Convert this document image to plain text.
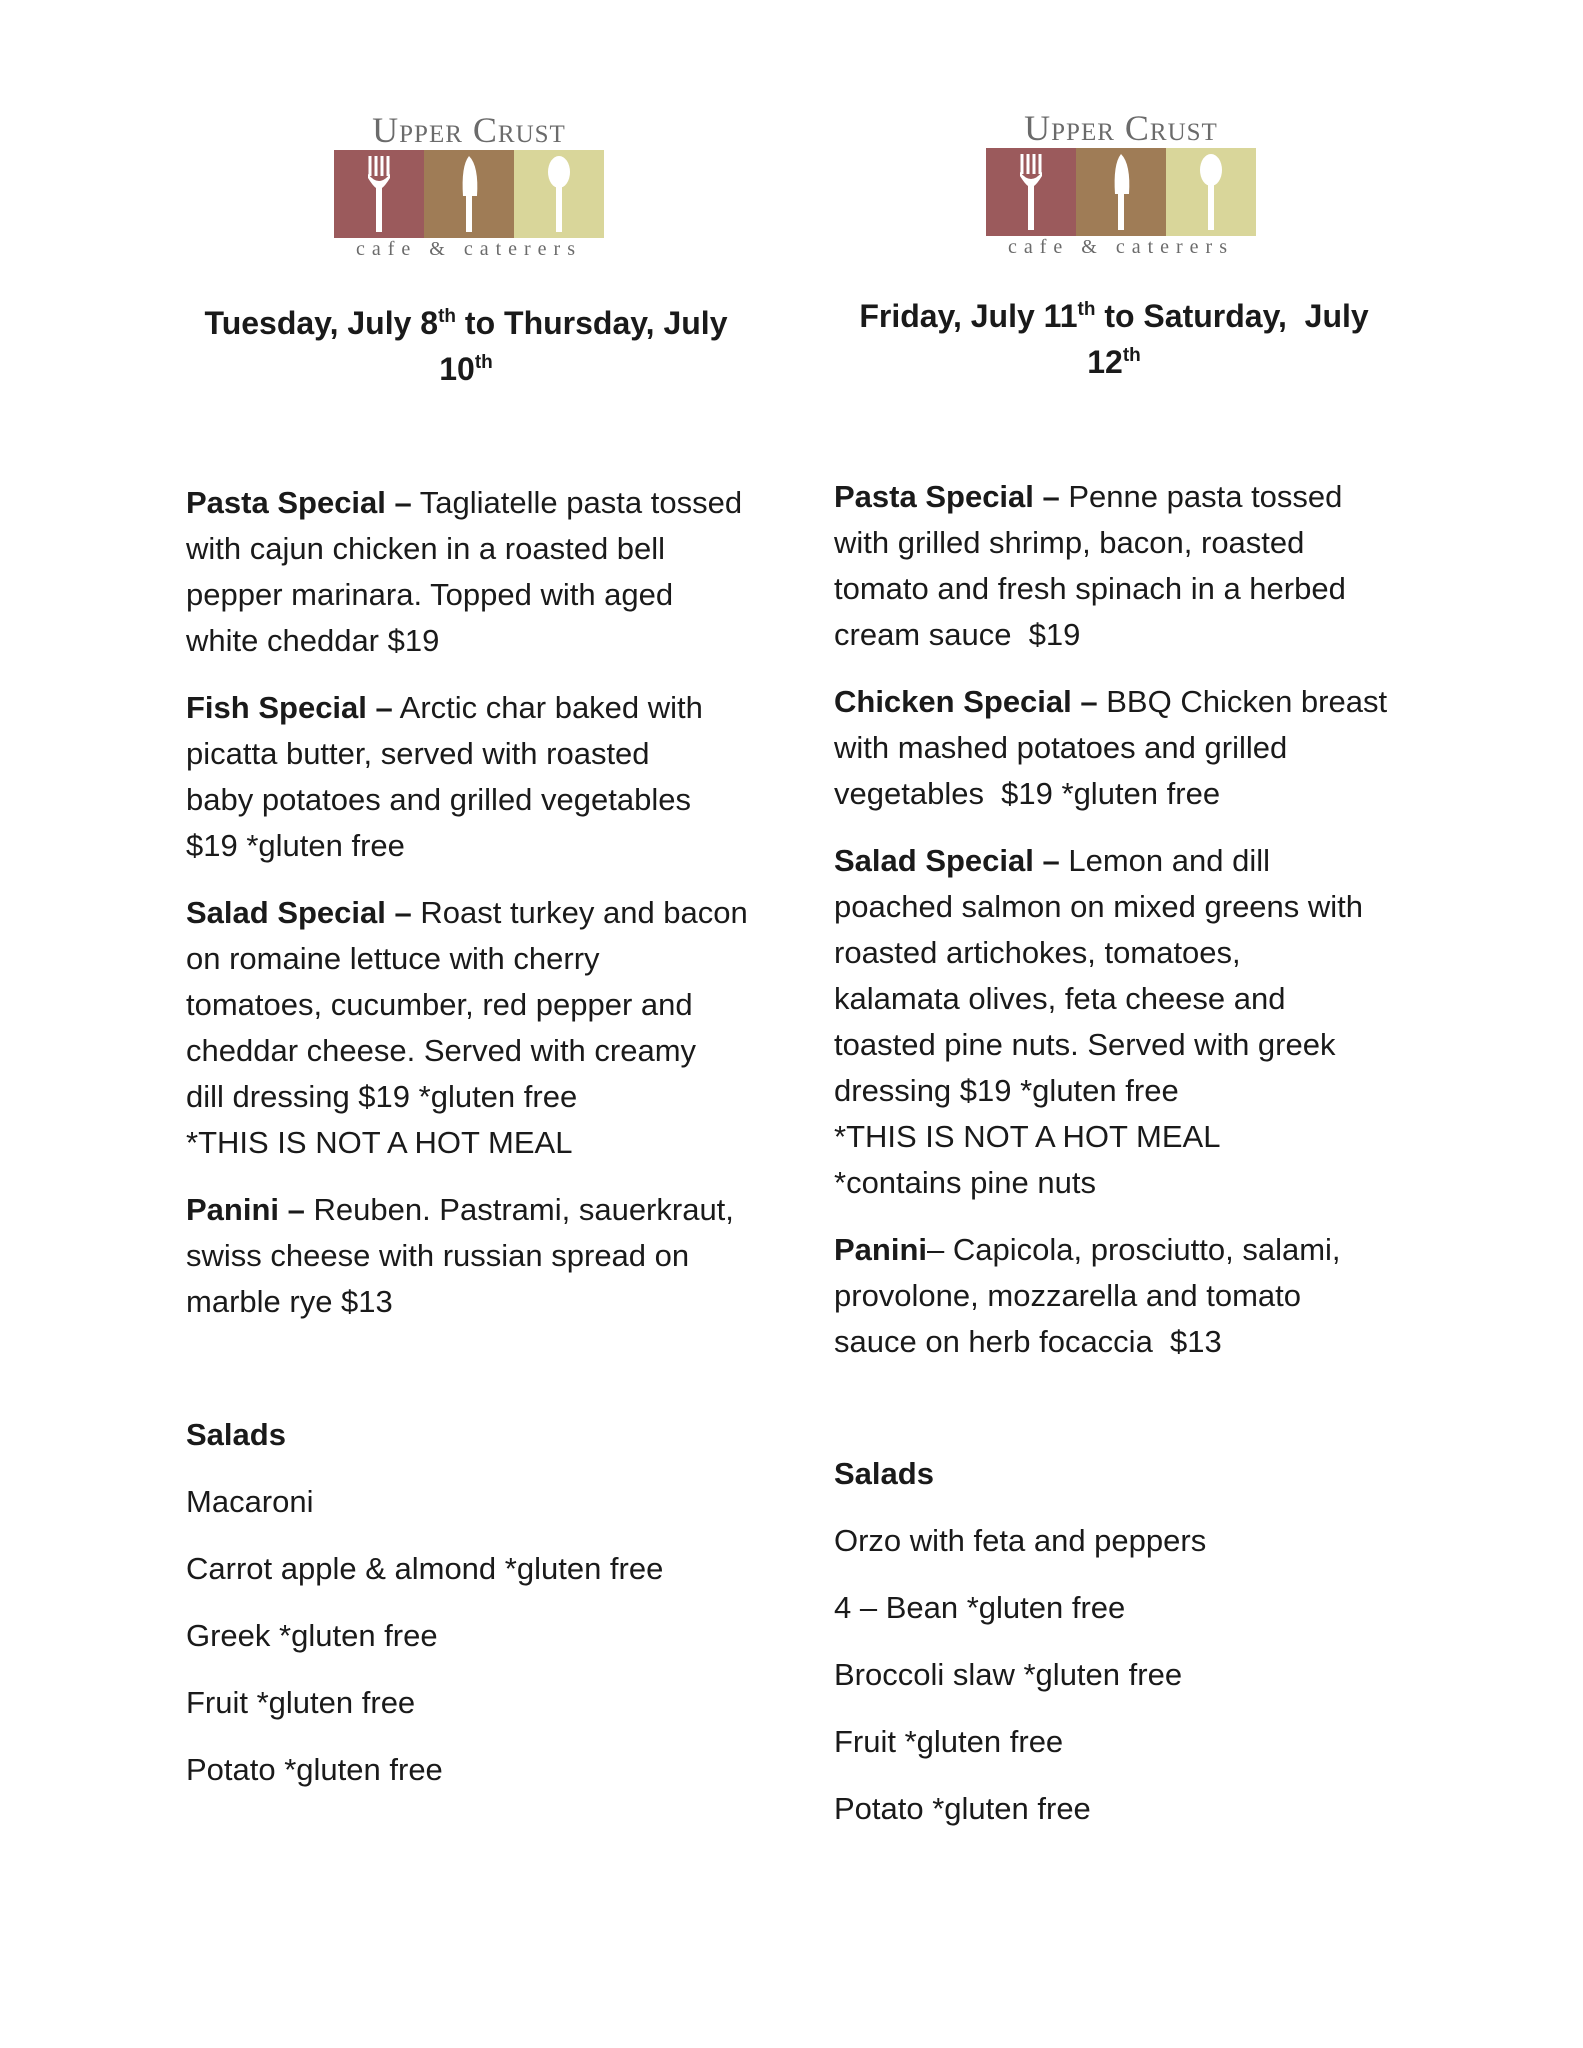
Upper Crust
cafe & caterers
Tuesday, July 8th to Thursday, July
10th
Pasta Special – Tagliatelle pasta tossed
with cajun chicken in a roasted bell
pepper marinara. Topped with aged
white cheddar $19
Fish Special – Arctic char baked with
picatta butter, served with roasted
baby potatoes and grilled vegetables
$19 *gluten free
Salad Special – Roast turkey and bacon
on romaine lettuce with cherry
tomatoes, cucumber, red pepper and
cheddar cheese. Served with creamy
dill dressing $19 *gluten free
*THIS IS NOT A HOT MEAL
Panini – Reuben. Pastrami, sauerkraut,
swiss cheese with russian spread on
marble rye $13
Salads
Macaroni
Carrot apple & almond *gluten free
Greek *gluten free
Fruit *gluten free
Potato *gluten free
Upper Crust
cafe & caterers
Friday, July 11th to Saturday,  July
12th
Pasta Special – Penne pasta tossed
with grilled shrimp, bacon, roasted
tomato and fresh spinach in a herbed
cream sauce  $19
Chicken Special – BBQ Chicken breast
with mashed potatoes and grilled
vegetables  $19 *gluten free
Salad Special – Lemon and dill
poached salmon on mixed greens with
roasted artichokes, tomatoes,
kalamata olives, feta cheese and
toasted pine nuts. Served with greek
dressing $19 *gluten free
*THIS IS NOT A HOT MEAL
*contains pine nuts
Panini– Capicola, prosciutto, salami,
provolone, mozzarella and tomato
sauce on herb focaccia  $13
Salads
Orzo with feta and peppers
4 – Bean *gluten free
Broccoli slaw *gluten free
Fruit *gluten free
Potato *gluten free
